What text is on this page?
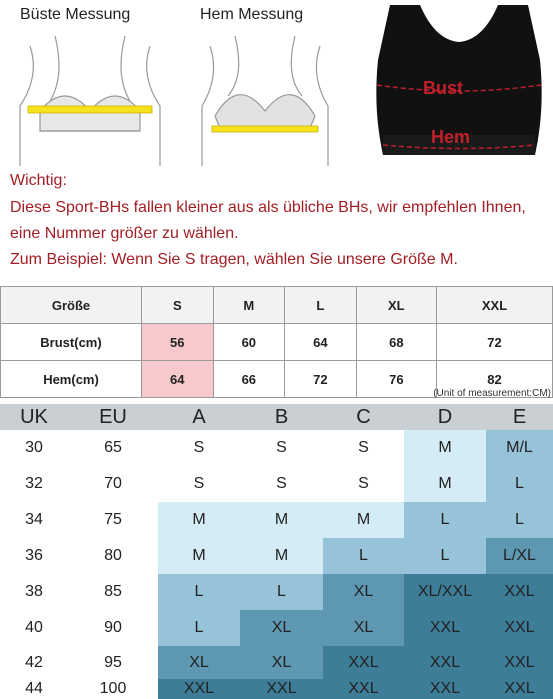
Büste Messung	Hem Messung
Bust
Hem
Wichtig:
Diese Sport-BHs fallen kleiner aus als übliche BHs, wir empfehlen Ihnen,
eine Nummer größer zu wählen.
Zum Beispiel: Wenn Sie S tragen, wählen Sie unsere Größe M.
Größe	S	M	L	XL	XXL
Brust(cm)	56	60	64	68	72
Hem(cm)	64	66	72	76	82
(Unit of measurement:CM)
UK	EU	A	B	C	D	E
30	65	S	S	S	M	M/L
32	70	S	S	S	M	L
34	75	M	M	M	L	L
36	80	M	M	L	L	L/XL
38	85	L	L	XL	XL/XXL	XXL
40	90	L	XL	XL	XXL	XXL
42	95	XL	XL	XXL	XXL	XXL
44	100	XXL	XXL	XXL	XXL	XXL
